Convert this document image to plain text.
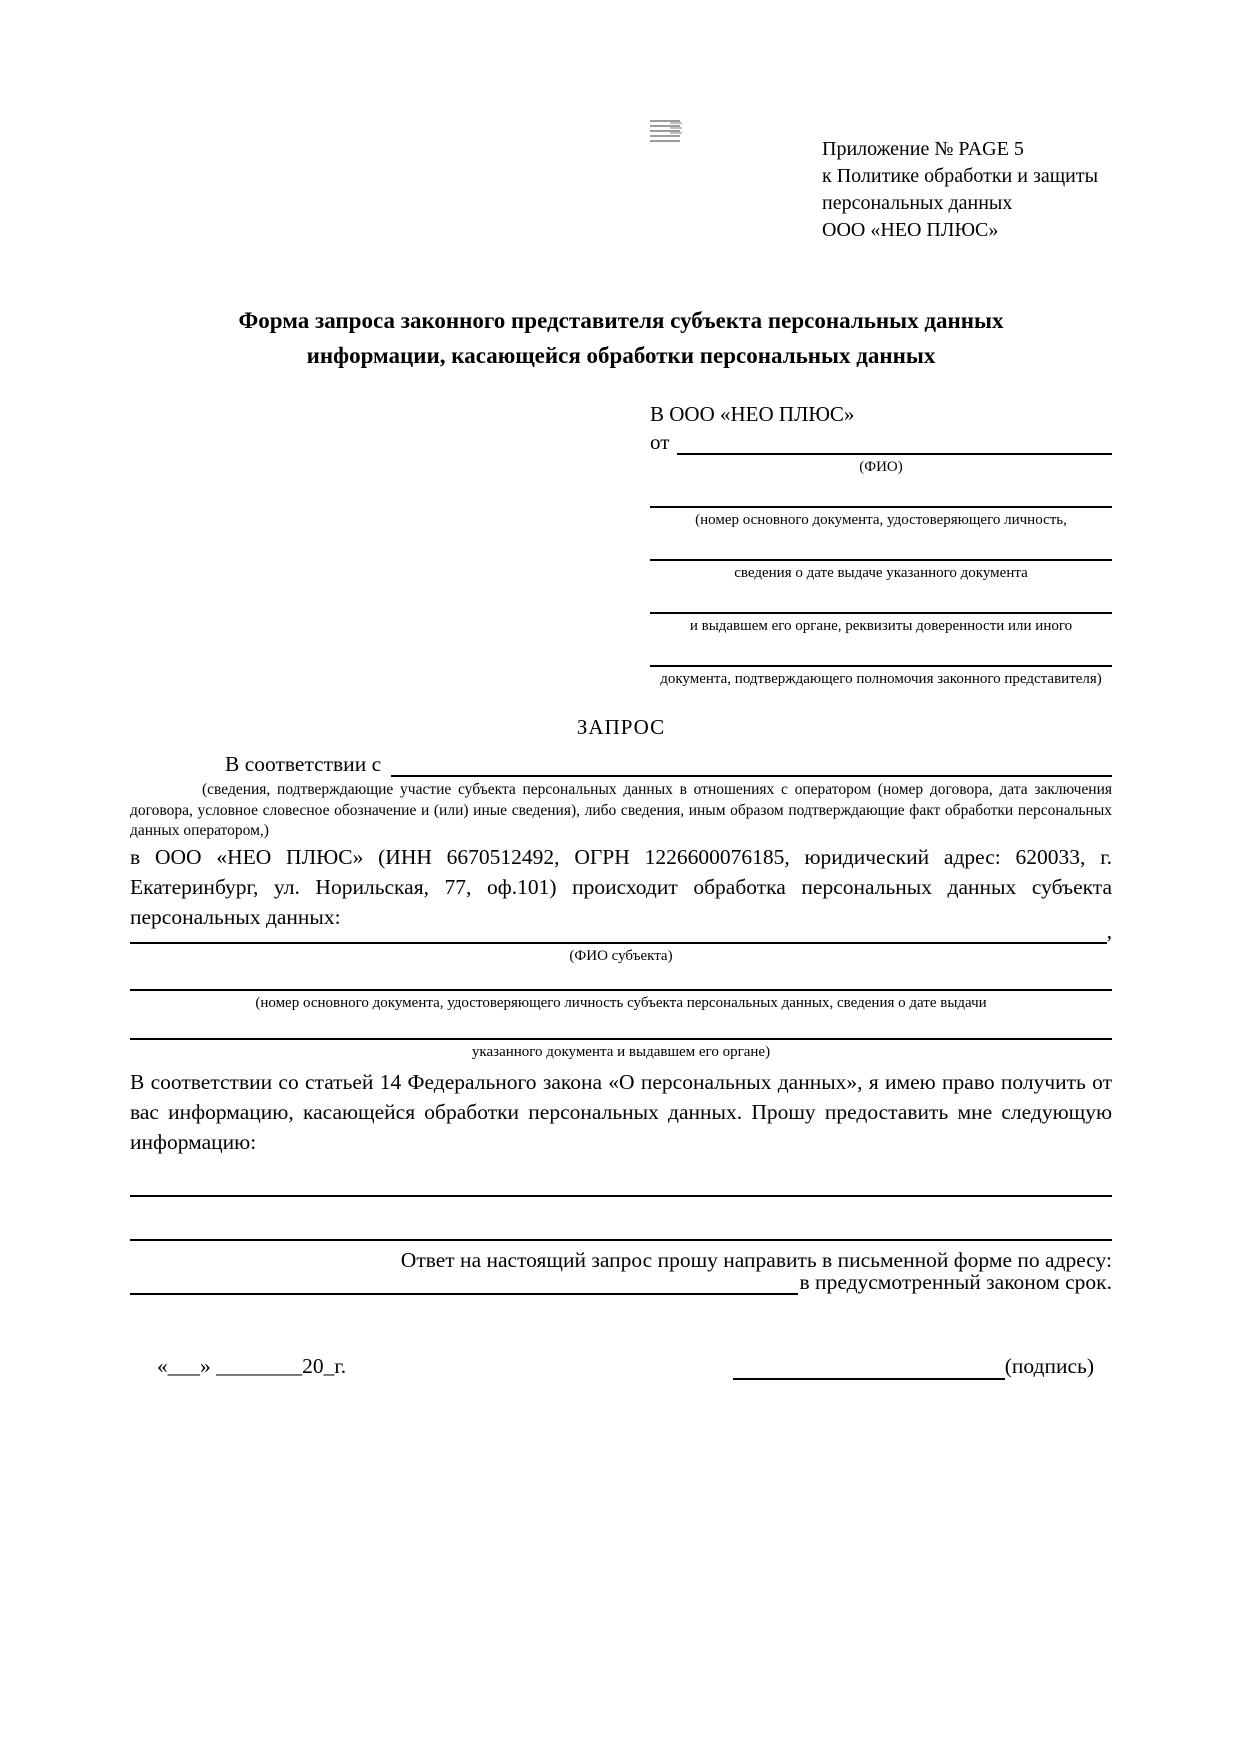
Приложение № PAGE 5
к Политике обработки и защиты
персональных данных
ООО «НЕО ПЛЮС»
Форма запроса законного представителя субъекта персональных данных
информации, касающейся обработки персональных данных
В ООО «НЕО ПЛЮС»
от
(ФИО)
(номер основного документа, удостоверяющего личность,
сведения о дате выдаче указанного документа
и выдавшем его органе, реквизиты доверенности или иного
документа, подтверждающего полномочия законного представителя)
ЗАПРОС
В соответствии с
(сведения, подтверждающие участие субъекта персональных данных в отношениях с оператором (номер договора, дата заключения договора, условное словесное обозначение и (или) иные сведения), либо сведения, иным образом подтверждающие факт обработки персональных данных оператором,)
в ООО «НЕО ПЛЮС» (ИНН 6670512492, ОГРН 1226600076185, юридический адрес: 620033, г. Екатеринбург, ул. Норильская, 77, оф.101) происходит обработка персональных данных субъекта персональных данных:
,
(ФИО субъекта)
(номер основного документа, удостоверяющего личность субъекта персональных данных, сведения о дате выдачи
указанного документа и выдавшем его органе)
В соответствии со статьей 14 Федерального закона «О персональных данных», я имею право получить от вас информацию, касающейся обработки персональных данных. Прошу предоставить мне следующую информацию:
Ответ на настоящий запрос прошу направить в письменной форме по адресу:
в предусмотренный законом срок.
«___» ________20_г.	(подпись)
